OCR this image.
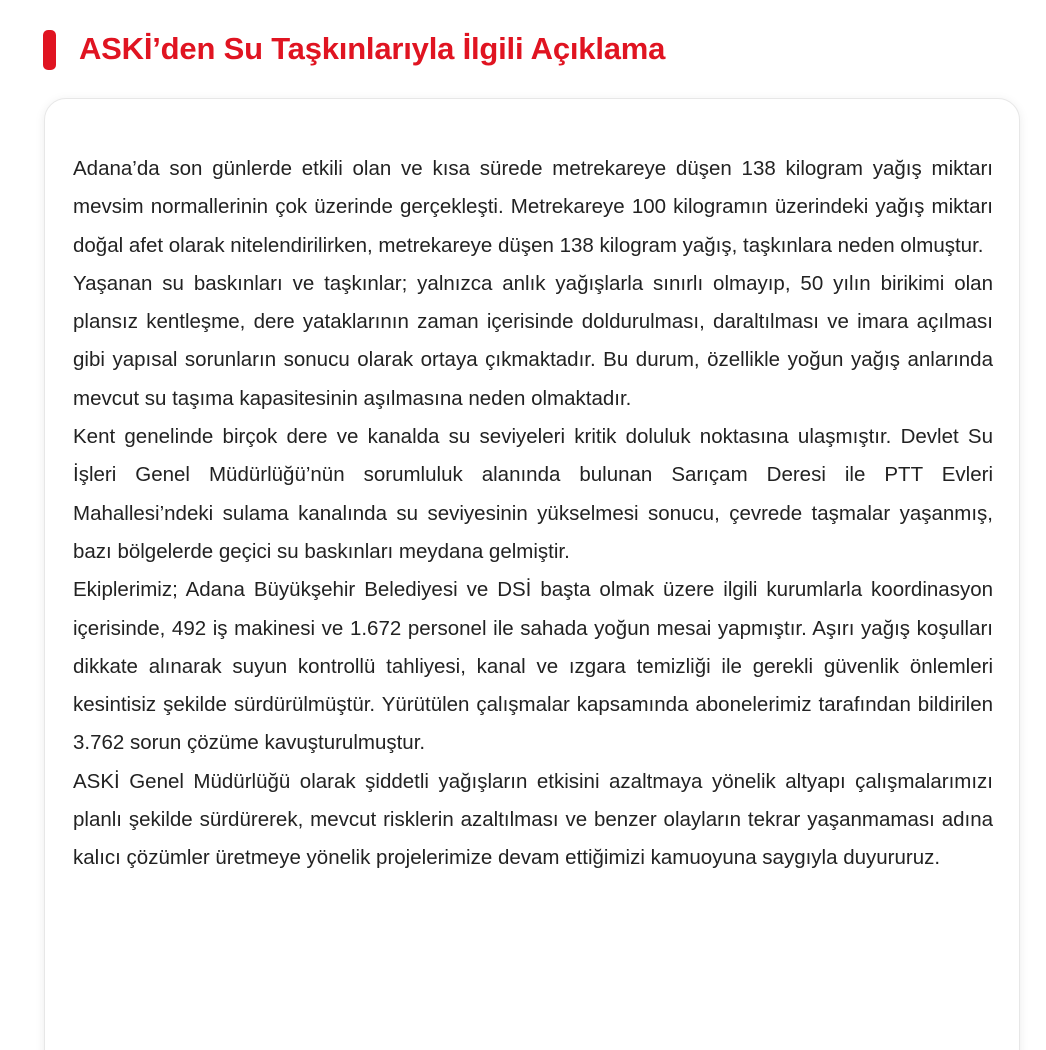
ASKİ’den Su Taşkınlarıyla İlgili Açıklama

Adana’da son günlerde etkili olan ve kısa sürede metrekareye düşen 138 kilogram yağış miktarı mevsim normallerinin çok üzerinde gerçekleşti. Metrekareye 100 kilogramın üzerindeki yağış miktarı doğal afet olarak nitelendirilirken, metrekareye düşen 138 kilogram yağış, taşkınlara neden olmuştur.

Yaşanan su baskınları ve taşkınlar; yalnızca anlık yağışlarla sınırlı olmayıp, 50 yılın birikimi olan plansız kentleşme, dere yataklarının zaman içerisinde doldurulması, daraltılması ve imara açılması gibi yapısal sorunların sonucu olarak ortaya çıkmaktadır. Bu durum, özellikle yoğun yağış anlarında mevcut su taşıma kapasitesinin aşılmasına neden olmaktadır.

Kent genelinde birçok dere ve kanalda su seviyeleri kritik doluluk noktasına ulaşmıştır. Devlet Su İşleri Genel Müdürlüğü’nün sorumluluk alanında bulunan Sarıçam Deresi ile PTT Evleri Mahallesi’ndeki sulama kanalında su seviyesinin yükselmesi sonucu, çevrede taşmalar yaşanmış, bazı bölgelerde geçici su baskınları meydana gelmiştir.

Ekiplerimiz; Adana Büyükşehir Belediyesi ve DSİ başta olmak üzere ilgili kurumlarla koordinasyon içerisinde, 492 iş makinesi ve 1.672 personel ile sahada yoğun mesai yapmıştır. Aşırı yağış koşulları dikkate alınarak suyun kontrollü tahliyesi, kanal ve ızgara temizliği ile gerekli güvenlik önlemleri kesintisiz şekilde sürdürülmüştür. Yürütülen çalışmalar kapsamında abonelerimiz tarafından bildirilen 3.762 sorun çözüme kavuşturulmuştur.

ASKİ Genel Müdürlüğü olarak şiddetli yağışların etkisini azaltmaya yönelik altyapı çalışmalarımızı planlı şekilde sürdürerek, mevcut risklerin azaltılması ve benzer olayların tekrar yaşanmaması adına kalıcı çözümler üretmeye yönelik projelerimize devam ettiğimizi kamuoyuna saygıyla duyururuz.
